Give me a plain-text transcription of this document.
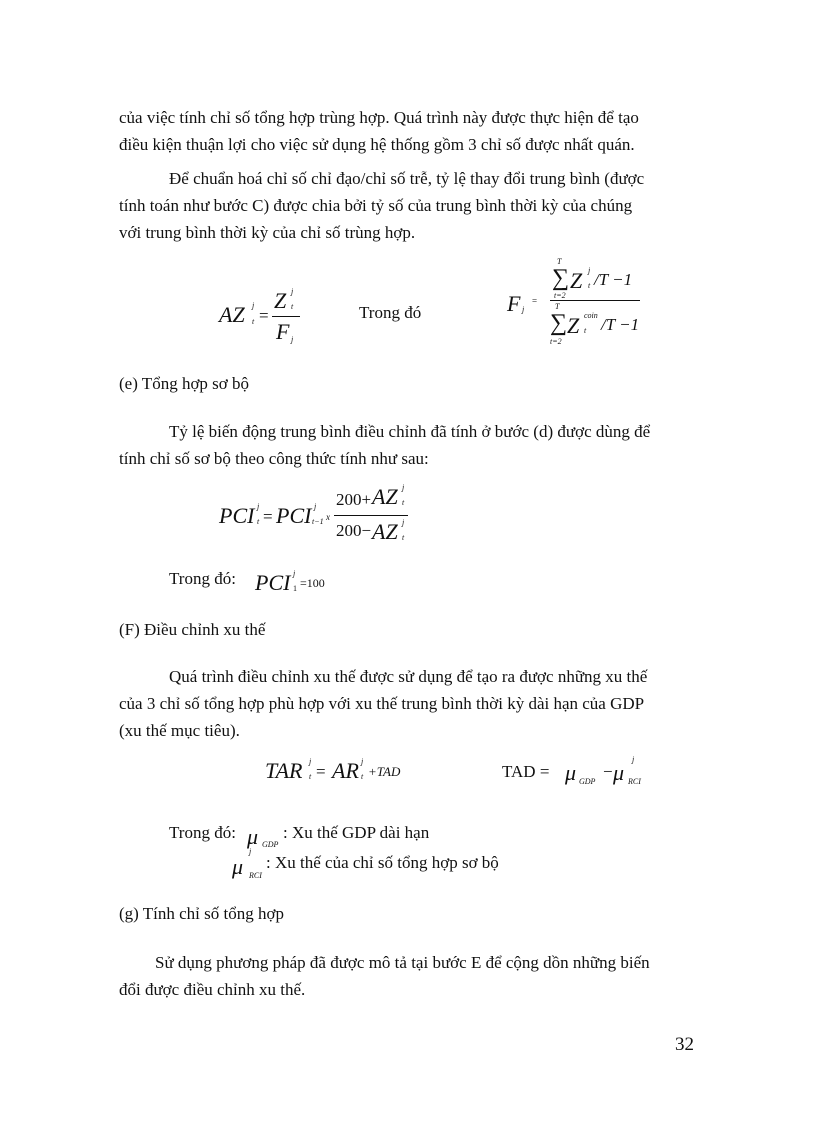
của việc tính chỉ số tổng hợp trùng hợp. Quá trình này được thực hiện để tạo
điều kiện thuận lợi cho việc sử dụng hệ thống gồm 3 chỉ số được nhất quán.
Để chuẩn hoá chỉ số chỉ đạo/chỉ số trễ, tỷ lệ thay đổi trung bình (được
tính toán như bước C) được chia bởi tỷ số của trung bình thời kỳ của chúng
với trung bình thời kỳ của chỉ số trùng hợp.
AZ j
t =
Z j
t
F j
Trong đó	F j
=
T
∑
t=2
Z j
t /T −1
T
∑
t=2
Z coin
t /T −1
(e) Tổng hợp sơ bộ
Tỷ lệ biến động trung bình điều chỉnh đã tính ở bước (d) được dùng để
tính chỉ số sơ bộ theo công thức tính như sau:
PCI j
t = PCI j
t−1 x
200+ AZ j
t
200− AZ j
t
Trong đó: PCI j
1 =100
(F) Điều chỉnh xu thế
Quá trình điều chỉnh xu thế được sử dụng để tạo ra được những xu thế
của 3 chỉ số tổng hợp phù hợp với xu thế trung bình thời kỳ dài hạn của GDP
(xu thế mục tiêu).
TAR j
t = AR j
t +TAD	TAD = μ GDP
− μ
j
RCI
Trong đó: μ GDP
: Xu thế GDP dài hạn
j
μ RCI
: Xu thế của chỉ số tổng hợp sơ bộ
(g) Tính chỉ số tổng hợp
Sử dụng phương pháp đã được mô tả tại bước E để cộng dồn những biến
đổi được điều chỉnh xu thế.
32
